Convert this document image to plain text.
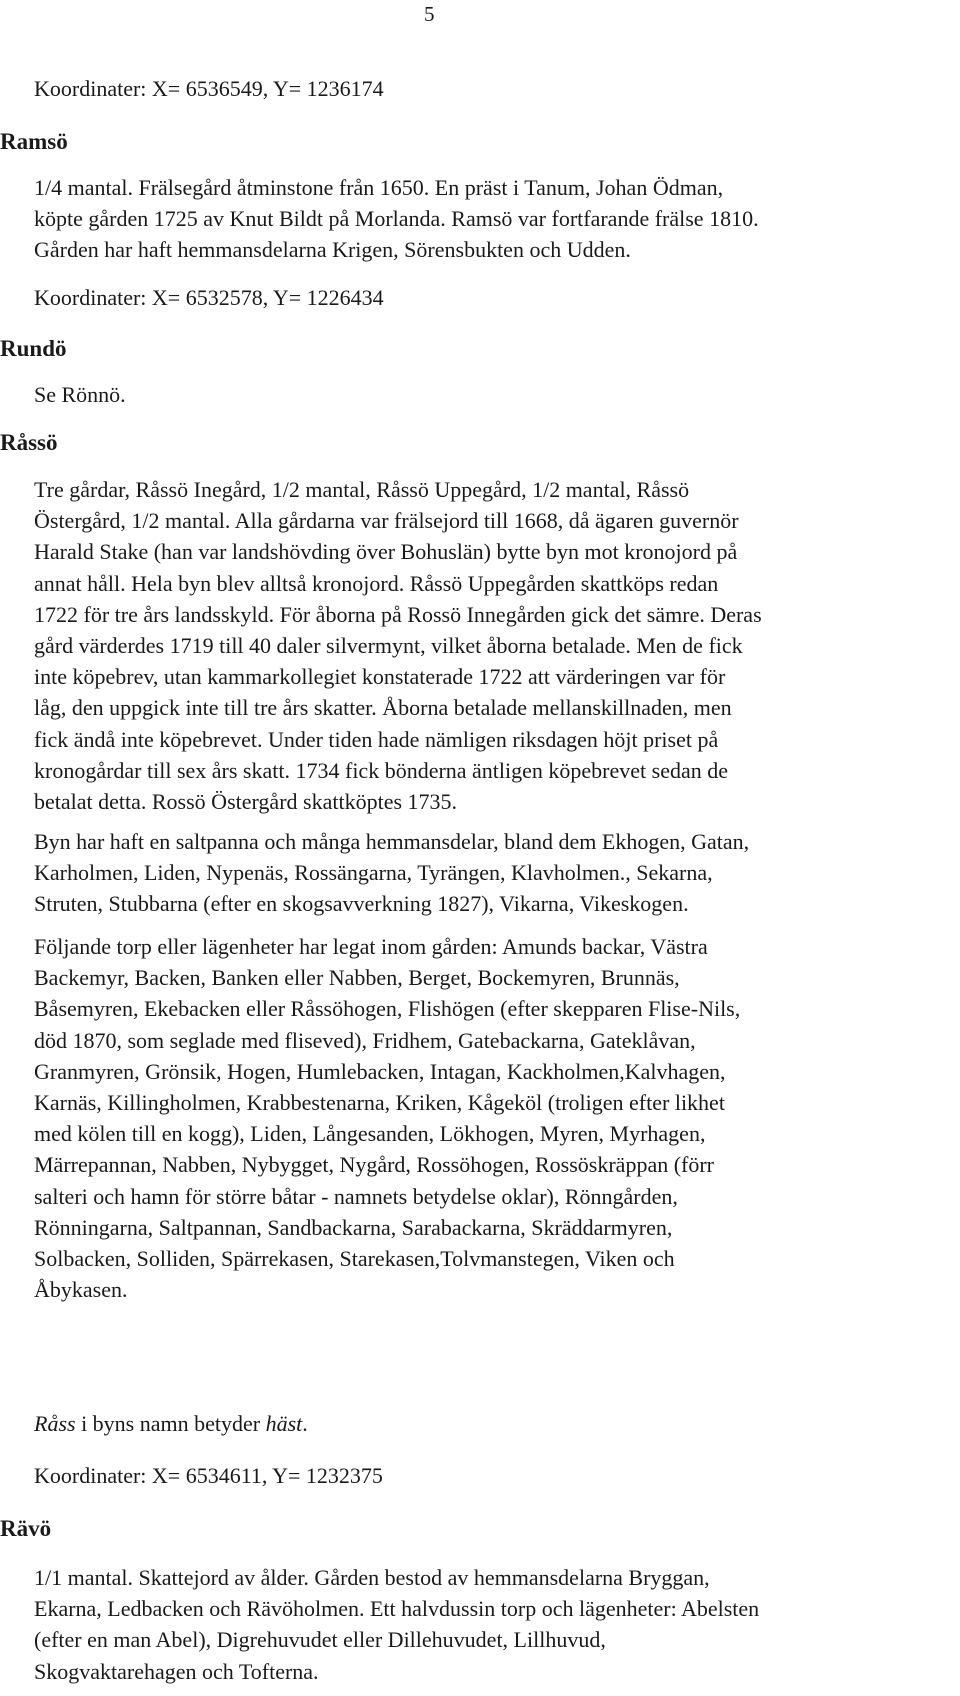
5
Koordinater: X= 6536549, Y= 1236174
Ramsö
1/4 mantal. Frälsegård åtminstone från 1650. En präst i Tanum, Johan Ödman,
köpte gården 1725 av Knut Bildt på Morlanda. Ramsö var fortfarande frälse 1810.
Gården har haft hemmansdelarna Krigen, Sörensbukten och Udden.
Koordinater: X= 6532578, Y= 1226434
Rundö
Se Rönnö.
Råssö
Tre gårdar, Råssö Inegård, 1/2 mantal, Råssö Uppegård, 1/2 mantal, Råssö
Östergård, 1/2 mantal. Alla gårdarna var frälsejord till 1668, då ägaren guvernör
Harald Stake (han var landshövding över Bohuslän) bytte byn mot kronojord på
annat håll. Hela byn blev alltså kronojord. Råssö Uppegården skattköps redan
1722 för tre års landsskyld. För åborna på Rossö Innegården gick det sämre. Deras
gård värderdes 1719 till 40 daler silvermynt, vilket åborna betalade. Men de fick
inte köpebrev, utan kammarkollegiet konstaterade 1722 att värderingen var för
låg, den uppgick inte till tre års skatter. Åborna betalade mellanskillnaden, men
fick ändå inte köpebrevet. Under tiden hade nämligen riksdagen höjt priset på
kronogårdar till sex års skatt. 1734 fick bönderna äntligen köpebrevet sedan de
betalat detta. Rossö Östergård skattköptes 1735.
Byn har haft en saltpanna och många hemmansdelar, bland dem Ekhogen, Gatan,
Karholmen, Liden, Nypenäs, Rossängarna, Tyrängen, Klavholmen., Sekarna,
Struten, Stubbarna (efter en skogsavverkning 1827), Vikarna, Vikeskogen.
Följande torp eller lägenheter har legat inom gården: Amunds backar, Västra
Backemyr, Backen, Banken eller Nabben, Berget, Bockemyren, Brunnäs,
Båsemyren, Ekebacken eller Råssöhogen, Flishögen (efter skepparen Flise-Nils,
död 1870, som seglade med fliseved), Fridhem, Gatebackarna, Gateklåvan,
Granmyren, Grönsik, Hogen, Humlebacken, Intagan, Kackholmen,Kalvhagen,
Karnäs, Killingholmen, Krabbestenarna, Kriken, Kågeköl (troligen efter likhet
med kölen till en kogg), Liden, Långesanden, Lökhogen, Myren, Myrhagen,
Märrepannan, Nabben, Nybygget, Nygård, Rossöhogen, Rossöskräppan (förr
salteri och hamn för större båtar - namnets betydelse oklar), Rönngården,
Rönningarna, Saltpannan, Sandbackarna, Sarabackarna, Skräddarmyren,
Solbacken, Solliden, Spärrekasen, Starekasen,Tolvmanstegen, Viken och
Åbykasen.
Råss i byns namn betyder häst.
Koordinater: X= 6534611, Y= 1232375
Rävö
1/1 mantal. Skattejord av ålder. Gården bestod av hemmansdelarna Bryggan,
Ekarna, Ledbacken och Rävöholmen. Ett halvdussin torp och lägenheter: Abelsten
(efter en man Abel), Digrehuvudet eller Dillehuvudet, Lillhuvud,
Skogvaktarehagen och Tofterna.
